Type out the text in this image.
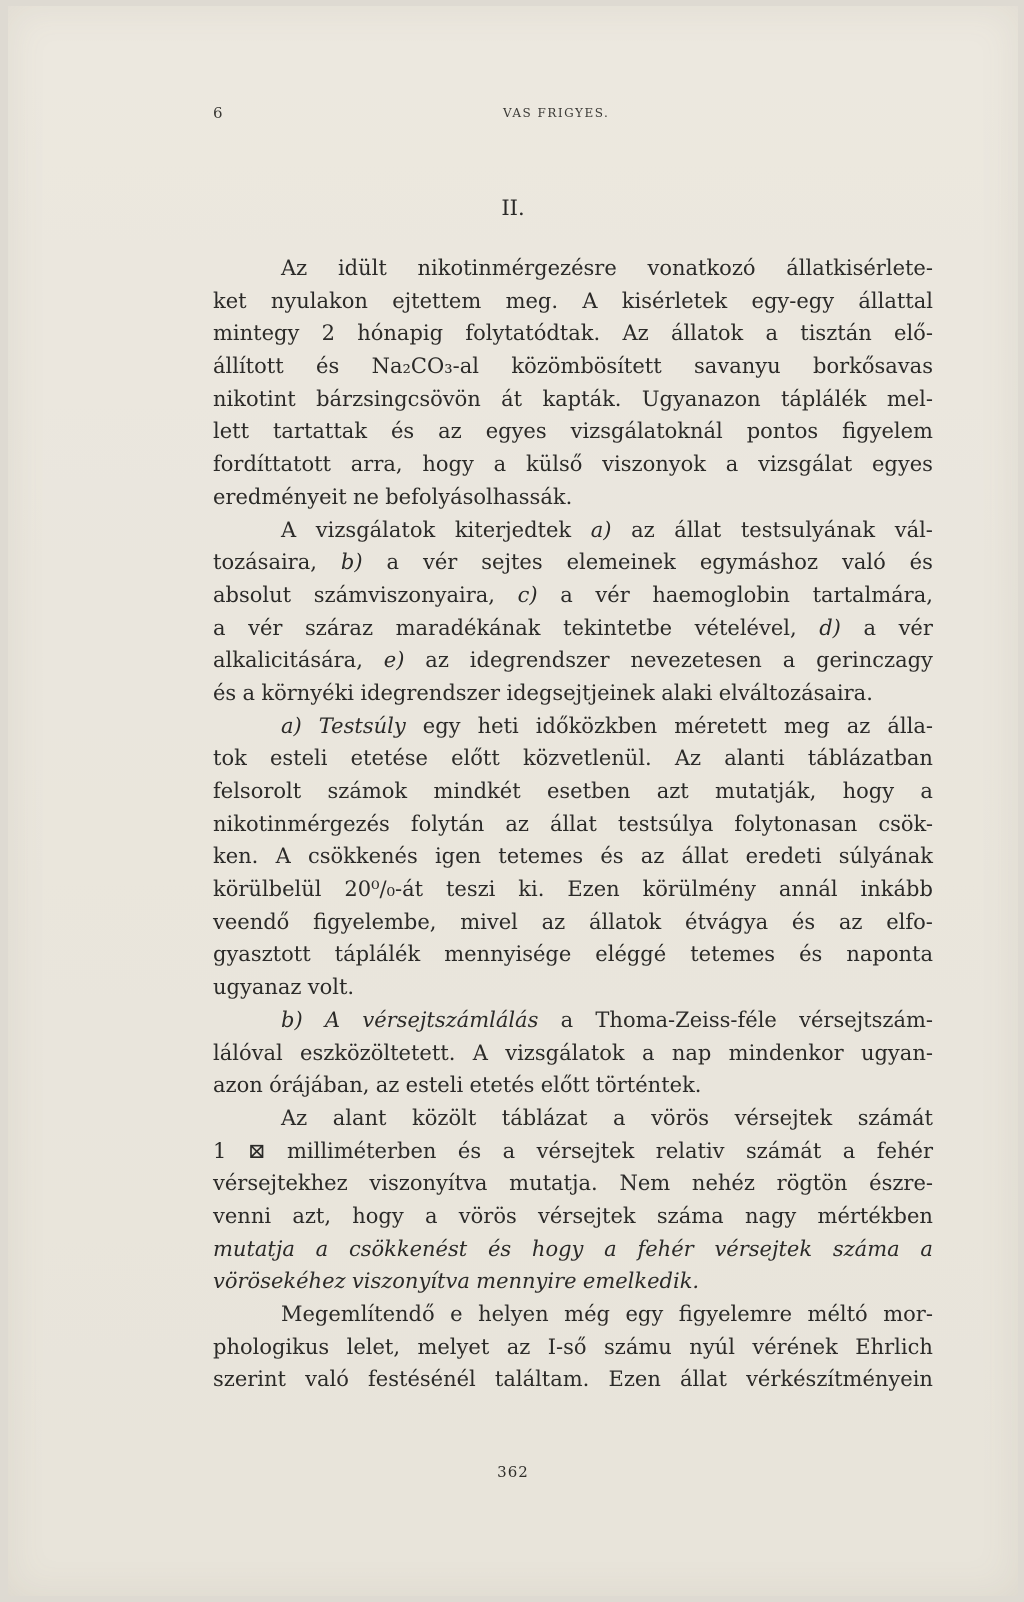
6	VAS FRIGYES.
II.
Az idült nikotinmérgezésre vonatkozó állatkisérlete-
ket nyulakon ejtettem meg. A kisérletek egy-egy állattal
mintegy 2 hónapig folytatódtak. Az állatok a tisztán elő-
állított és Na₂CO₃-al közömbösített savanyu borkősavas
nikotint bárzsingcsövön át kapták. Ugyanazon táplálék mel-
lett tartattak és az egyes vizsgálatoknál pontos figyelem
fordíttatott arra, hogy a külső viszonyok a vizsgálat egyes
eredményeit ne befolyásolhassák.
A vizsgálatok kiterjedtek a) az állat testsulyának vál-
tozásaira, b) a vér sejtes elemeinek egymáshoz való és
absolut számviszonyaira, c) a vér haemoglobin tartalmára,
a vér száraz maradékának tekintetbe vételével, d) a vér
alkalicitására, e) az idegrendszer nevezetesen a gerinczagy
és a környéki idegrendszer idegsejtjeinek alaki elváltozásaira.
a) Testsúly egy heti időközkben méretett meg az álla-
tok esteli etetése előtt közvetlenül. Az alanti táblázatban
felsorolt számok mindkét esetben azt mutatják, hogy a
nikotinmérgezés folytán az állat testsúlya folytonasan csök-
ken. A csökkenés igen tetemes és az állat eredeti súlyának
körülbelül 20⁰/₀-át teszi ki. Ezen körülmény annál inkább
veendő figyelembe, mivel az állatok étvágya és az elfo-
gyasztott táplálék mennyisége eléggé tetemes és naponta
ugyanaz volt.
b) A vérsejtszámlálás a Thoma-Zeiss-féle vérsejtszám-
lálóval eszközöltetett. A vizsgálatok a nap mindenkor ugyan-
azon órájában, az esteli etetés előtt történtek.
Az alant közölt táblázat a vörös vérsejtek számát
1 ⊠ milliméterben és a vérsejtek relativ számát a fehér
vérsejtekhez viszonyítva mutatja. Nem nehéz rögtön észre-
venni azt, hogy a vörös vérsejtek száma nagy mértékben
mutatja a csökkenést és hogy a fehér vérsejtek száma a
vörösekéhez viszonyítva mennyire emelkedik.
Megemlítendő e helyen még egy figyelemre méltó mor-
phologikus lelet, melyet az I-ső számu nyúl vérének Ehrlich
szerint való festésénél találtam. Ezen állat vérkészítményein
362
